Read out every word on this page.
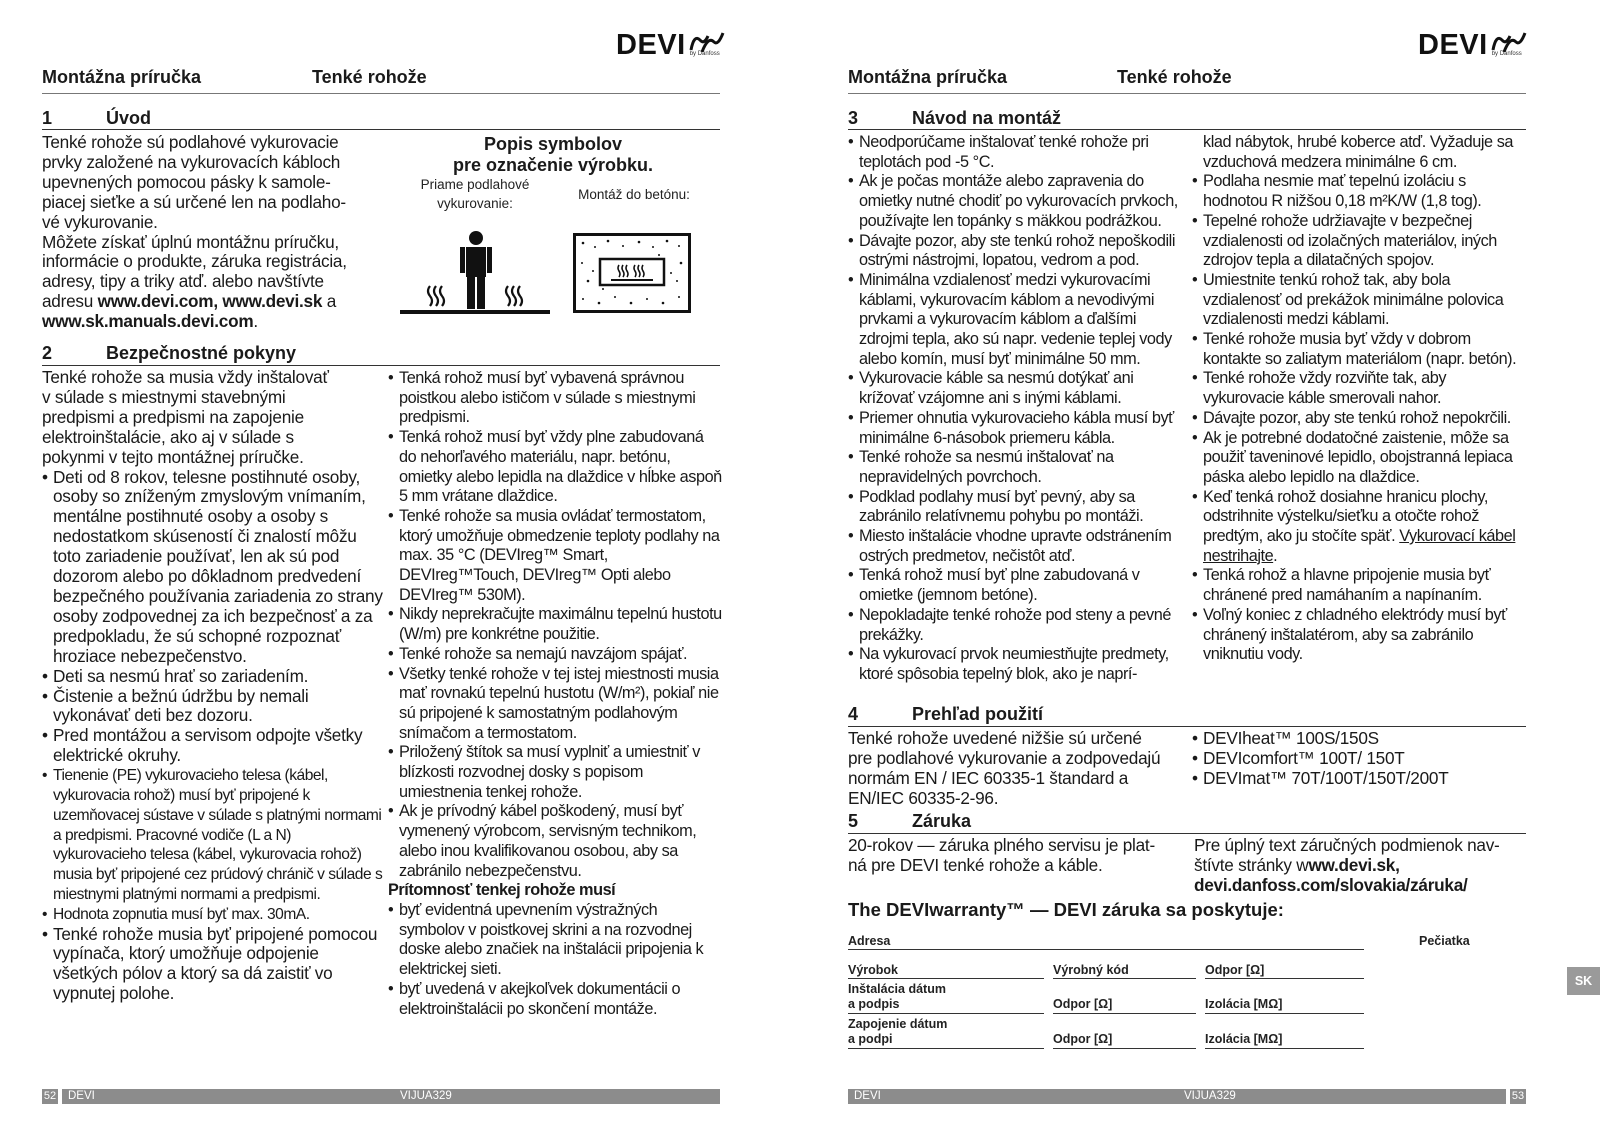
DEVI by Danfoss
Montážna príručka	Tenké rohože
1	Úvod
Tenké rohože sú podlahové vykurovacie
prvky založené na vykurovacích kábloch
upevnených pomocou pásky k samole-
piacej sieťke a sú určené len na podlaho-
vé vykurovanie.
Môžete získať úplnú montážnu príručku,
informácie o produkte, záruka registrácia,
adresy, tipy a triky atď. alebo navštívte
adresu www.devi.com, www.devi.sk a
www.sk.manuals.devi.com.
Popis symbolov
pre označenie výrobku.
Priame podlahové
vykurovanie:
Montáž do betónu:
2	Bezpečnostné pokyny
Tenké rohože sa musia vždy inštalovať
v súlade s miestnymi stavebnými
predpismi a predpismi na zapojenie
elektroinštalácie, ako aj v súlade s
pokynmi v tejto montážnej príručke.
• Deti od 8 rokov, telesne postihnuté osoby, osoby so zníženým zmyslovým vnímaním, mentálne postihnuté osoby a osoby s nedostatkom skúseností či znalostí môžu toto zariadenie používať, len ak sú pod dozorom alebo po dôkladnom predvedení bezpečného používania zariadenia zo strany osoby zodpovednej za ich bezpečnosť a za predpokladu, že sú schopné rozpoznať hroziace nebezpečenstvo.
• Deti sa nesmú hrať so zariadením.
• Čistenie a bežnú údržbu by nemali vykonávať deti bez dozoru.
• Pred montážou a servisom odpojte všetky elektrické okruhy.
• Tienenie (PE) vykurovacieho telesa (kábel, vykurovacia rohož) musí byť pripojené k uzemňovacej sústave v súlade s platnými normami a predpismi. Pracovné vodiče (L a N) vykurovacieho telesa (kábel, vykurovacia rohož) musia byť pripojené cez prúdový chránič v súlade s miestnymi platnými normami a predpismi.
• Hodnota zopnutia musí byť max. 30mA.
• Tenké rohože musia byť pripojené pomocou vypínača, ktorý umožňuje odpojenie všetkých pólov a ktorý sa dá zaistiť vo vypnutej polohe.
• Tenká rohož musí byť vybavená správnou poistkou alebo ističom v súlade s miestnymi predpismi.
• Tenká rohož musí byť vždy plne zabudovaná do nehorľavého materiálu, napr. betónu, omietky alebo lepidla na dlaždice v hĺbke aspoň 5 mm vrátane dlaždice.
• Tenké rohože sa musia ovládať termostatom, ktorý umožňuje obmedzenie teploty podlahy na max. 35 °C (DEVIreg™ Smart, DEVIreg™Touch, DEVIreg™ Opti alebo DEVIreg™ 530M).
• Nikdy neprekračujte maximálnu tepelnú hustotu (W/m) pre konkrétne použitie.
• Tenké rohože sa nemajú navzájom spájať.
• Všetky tenké rohože v tej istej miestnosti musia mať rovnakú tepelnú hustotu (W/m²), pokiaľ nie sú pripojené k samostatným podlahovým snímačom a termostatom.
• Priložený štítok sa musí vyplniť a umiestniť v blízkosti rozvodnej dosky s popisom umiestnenia tenkej rohože.
• Ak je prívodný kábel poškodený, musí byť vymenený výrobcom, servisným technikom, alebo inou kvalifikovanou osobou, aby sa zabránilo nebezpečenstvu.

Prítomnosť tenkej rohože musí

• byť evidentná upevnením výstražných symbolov v poistkovej skrini a na rozvodnej doske alebo značiek na inštalácii pripojenia k elektrickej sieti.
• byť uvedená v akejkoľvek dokumentácii o elektroinštalácii po skončení montáže.
52 DEVI	VIJUA329
DEVI by Danfoss
Montážna príručka	Tenké rohože
3	Návod na montáž
• Neodporúčame inštalovať tenké rohože pri teplotách pod -5 °C.
• Ak je počas montáže alebo zapravenia do omietky nutné chodiť po vykurovacích prvkoch, používajte len topánky s mäkkou podrážkou.
• Dávajte pozor, aby ste tenkú rohož nepoškodili ostrými nástrojmi, lopatou, vedrom a pod.
• Minimálna vzdialenosť medzi vykurovacími káblami, vykurovacím káblom a nevodivými prvkami a vykurovacím káblom a ďalšími zdrojmi tepla, ako sú napr. vedenie teplej vody alebo komín, musí byť minimálne 50 mm.
• Vykurovacie káble sa nesmú dotýkať ani krížovať vzájomne ani s inými káblami.
• Priemer ohnutia vykurovacieho kábla musí byť minimálne 6-násobok priemeru kábla.
• Tenké rohože sa nesmú inštalovať na nepravidelných povrchoch.
• Podklad podlahy musí byť pevný, aby sa zabránilo relatívnemu pohybu po montáži.
• Miesto inštalácie vhodne upravte odstránením ostrých predmetov, nečistôt atď.
• Tenká rohož musí byť plne zabudovaná v omietke (jemnom betóne).
• Nepokladajte tenké rohože pod steny a pevné prekážky.
• Na vykurovací prvok neumiestňujte predmety, ktoré spôsobia tepelný blok, ako je naprí-

klad nábytok, hrubé koberce atď. Vyžaduje sa vzduchová medzera minimálne 6 cm.

• Podlaha nesmie mať tepelnú izoláciu s hodnotou R nižšou 0,18 m²K/W (1,8 tog).
• Tepelné rohože udržiavajte v bezpečnej vzdialenosti od izolačných materiálov, iných zdrojov tepla a dilatačných spojov.
• Umiestnite tenkú rohož tak, aby bola vzdialenosť od prekážok minimálne polovica vzdialenosti medzi káblami.
• Tenké rohože musia byť vždy v dobrom kontakte so zaliatym materiálom (napr. betón).
• Tenké rohože vždy rozviňte tak, aby vykurovacie káble smerovali nahor.
• Dávajte pozor, aby ste tenkú rohož nepokrčili.
• Ak je potrebné dodatočné zaistenie, môže sa použiť taveninové lepidlo, obojstranná lepiaca páska alebo lepidlo na dlaždice.
• Keď tenká rohož dosiahne hranicu plochy, odstrihnite výstelku/sieťku a otočte rohož predtým, ako ju stočíte späť. Vykurovací kábel nestrihajte.
• Tenká rohož a hlavne pripojenie musia byť chránené pred namáhaním a napínaním.
• Voľný koniec z chladného elektródy musí byť chránený inštalatérom, aby sa zabránilo vniknutiu vody.
4	Prehľad použití
Tenké rohože uvedené nižšie sú určené
pre podlahové vykurovanie a zodpovedajú
normám EN / IEC 60335-1 štandard a
EN/IEC 60335-2-96.
• DEVIheat™ 100S/150S
• DEVIcomfort™ 100T/ 150T
• DEVImat™ 70T/100T/150T/200T
5	Záruka
20-rokov — záruka plného servisu je plat-
ná pre DEVI tenké rohože a káble.
Pre úplný text záručných podmienok nav-
štívte stránky www.devi.sk,
devi.danfoss.com/slovakia/záruka/
The DEVIwarranty™ — DEVI záruka sa poskytuje:
Adresa	Pečiatka
Výrobok	Výrobný kód	Odpor [Ω]
Inštalácia dátum
a podpis	Odpor [Ω]	Izolácia [MΩ]
Zapojenie dátum
a podpi	Odpor [Ω]	Izolácia [MΩ]
DEVI	VIJUA329	53
SK
